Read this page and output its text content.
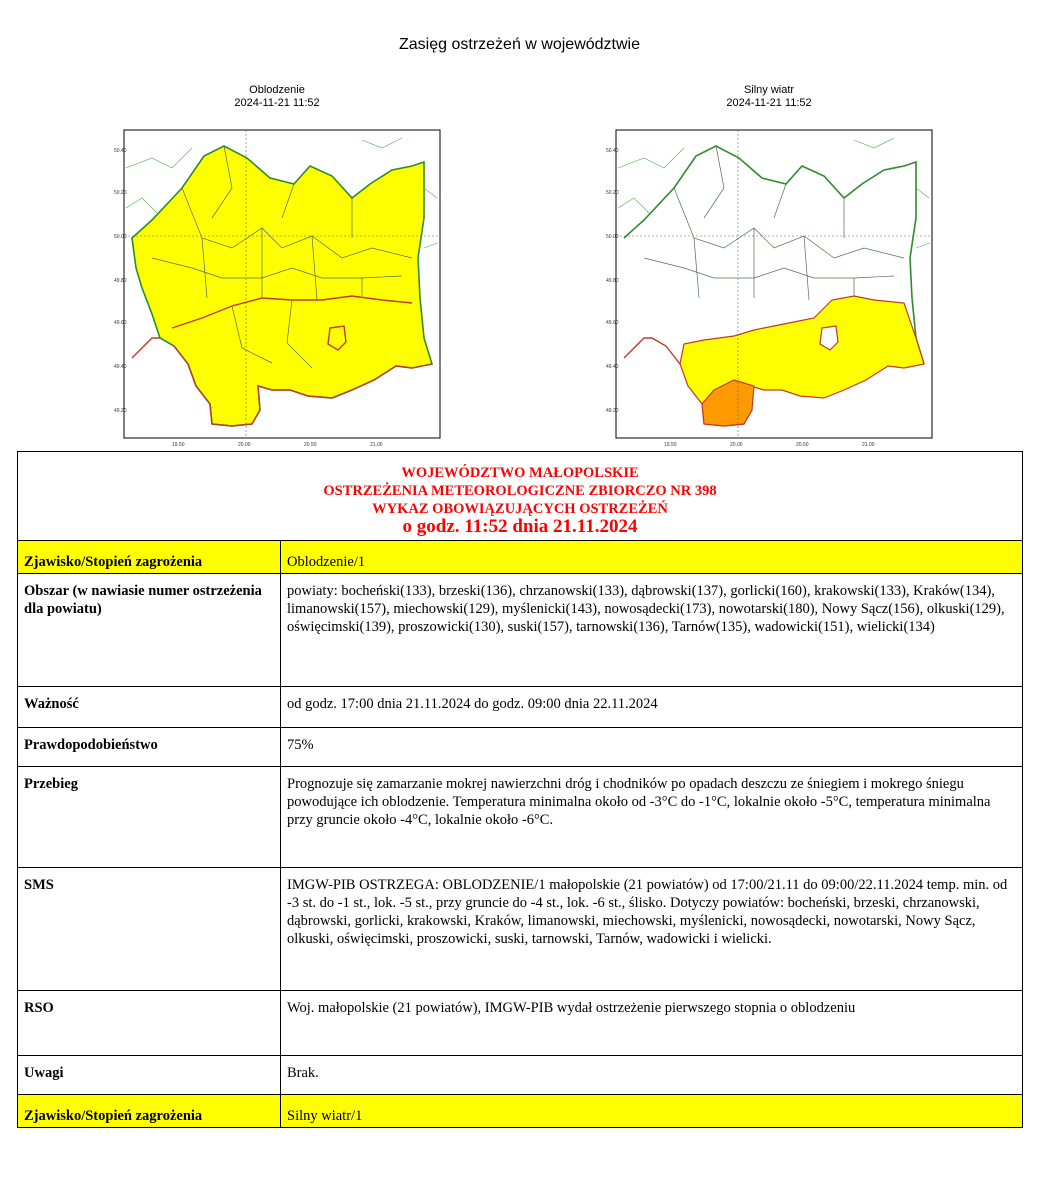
Zasięg ostrzeżeń w województwie
Oblodzenie
2024-11-21 11:52
50.40
50.20
50.00
49.80
49.60
49.40
49.20
19.50	20.00	20.50	21.00
Silny wiatr
2024-11-21 11:52
50.40
50.20
50.00
49.80
49.60
49.40
49.20
19.50	20.00	20.50	21.00
WOJEWÓDZTWO MAŁOPOLSKIE
OSTRZEŻENIA METEOROLOGICZNE ZBIORCZO NR 398
WYKAZ OBOWIĄZUJĄCYCH OSTRZEŻEŃ
o godz. 11:52 dnia 21.11.2024	

Zjawisko/Stopień zagrożenia	Oblodzenie/1
Obszar (w nawiasie numer ostrzeżenia dla powiatu)	powiaty: bocheński(133), brzeski(136), chrzanowski(133), dąbrowski(137), gorlicki(160), krakowski(133), Kraków(134), limanowski(157), miechowski(129), myślenicki(143), nowosądecki(173), nowotarski(180), Nowy Sącz(156), olkuski(129), oświęcimski(139), proszowicki(130), suski(157), tarnowski(136), Tarnów(135), wadowicki(151), wielicki(134)
Ważność	od godz. 17:00 dnia 21.11.2024 do godz. 09:00 dnia 22.11.2024
Prawdopodobieństwo	75%
Przebieg	Prognozuje się zamarzanie mokrej nawierzchni dróg i chodników po opadach deszczu ze śniegiem i mokrego śniegu powodujące ich oblodzenie. Temperatura minimalna około od -3°C do -1°C, lokalnie około -5°C, temperatura minimalna przy gruncie około -4°C, lokalnie około -6°C.
SMS	IMGW-PIB OSTRZEGA: OBLODZENIE/1 małopolskie (21 powiatów) od 17:00/21.11 do 09:00/22.11.2024 temp. min. od -3 st. do -1 st., lok. -5 st., przy gruncie do -4 st., lok. -6 st., ślisko. Dotyczy powiatów: bocheński, brzeski, chrzanowski, dąbrowski, gorlicki, krakowski, Kraków, limanowski, miechowski, myślenicki, nowosądecki, nowotarski, Nowy Sącz, olkuski, oświęcimski, proszowicki, suski, tarnowski, Tarnów, wadowicki i wielicki.
RSO	Woj. małopolskie (21 powiatów), IMGW-PIB wydał ostrzeżenie pierwszego stopnia o oblodzeniu
Uwagi	Brak.
Zjawisko/Stopień zagrożenia	Silny wiatr/1
